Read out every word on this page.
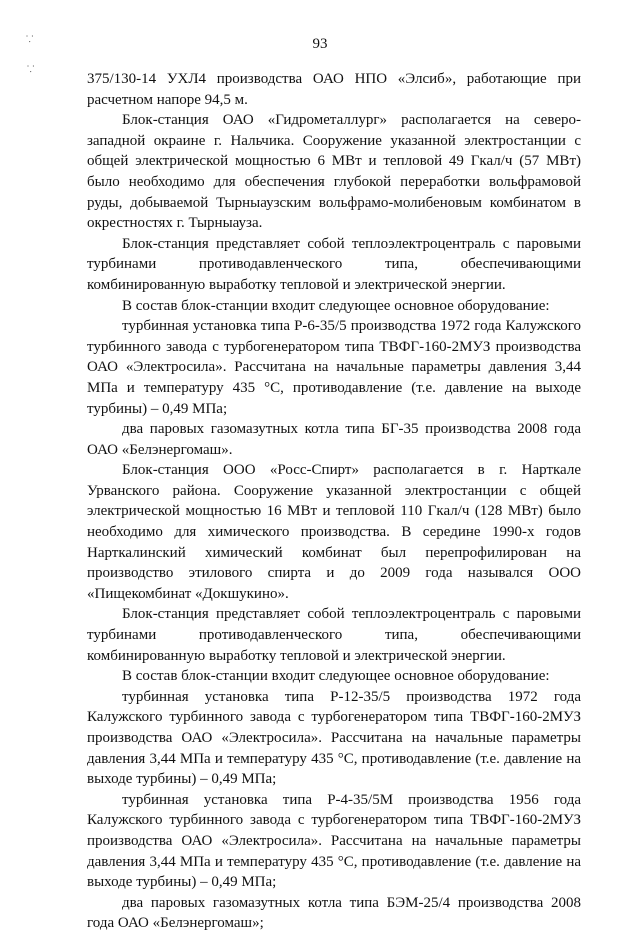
⸪
⸪
93

375/130-14 УХЛ4 производства ОАО НПО «Элсиб», работающие при расчетном напоре 94,5 м.

Блок-станция ОАО «Гидрометаллург» располагается на северо-западной окраине г. Нальчика. Сооружение указанной электростанции с общей электрической мощностью 6 МВт и тепловой 49 Гкал/ч (57 МВт) было необходимо для обеспечения глубокой переработки вольфрамовой руды, добываемой Тырныаузским вольфрамо-молибеновым комбинатом в окрестностях г. Тырныауза.

Блок-станция представляет собой теплоэлектроцентраль с паровыми турбинами противодавленческого типа, обеспечивающими комбинированную выработку тепловой и электрической энергии.

В состав блок-станции входит следующее основное оборудование:

турбинная установка типа Р-6-35/5 производства 1972 года Калужского турбинного завода с турбогенератором типа ТВФГ-160-2МУЗ производства ОАО «Электросила». Рассчитана на начальные параметры давления 3,44 МПа и температуру 435 °С, противодавление (т.е. давление на выходе турбины) – 0,49 МПа;

два паровых газомазутных котла типа БГ-35 производства 2008 года ОАО «Белэнергомаш».

Блок-станция ООО «Росс-Спирт» располагается в г. Нарткале Урванского района. Сооружение указанной электростанции с общей электрической мощностью 16 МВт и тепловой 110 Гкал/ч (128 МВт) было необходимо для химического производства. В середине 1990-х годов Нарткалинский химический комбинат был перепрофилирован на производство этилового спирта и до 2009 года назывался ООО «Пищекомбинат «Докшукино».

Блок-станция представляет собой теплоэлектроцентраль с паровыми турбинами противодавленческого типа, обеспечивающими комбинированную выработку тепловой и электрической энергии.

В состав блок-станции входит следующее основное оборудование:

турбинная установка типа Р-12-35/5 производства 1972 года Калужского турбинного завода с турбогенератором типа ТВФГ-160-2МУЗ производства ОАО «Электросила». Рассчитана на начальные параметры давления 3,44 МПа и температуру 435 °С, противодавление (т.е. давление на выходе турбины) – 0,49 МПа;

турбинная установка типа Р-4-35/5М производства 1956 года Калужского турбинного завода с турбогенератором типа ТВФГ-160-2МУЗ производства ОАО «Электросила». Рассчитана на начальные параметры давления 3,44 МПа и температуру 435 °С, противодавление (т.е. давление на выходе турбины) – 0,49 МПа;

два паровых газомазутных котла типа БЭМ-25/4 производства 2008 года ОАО «Белэнергомаш»;
